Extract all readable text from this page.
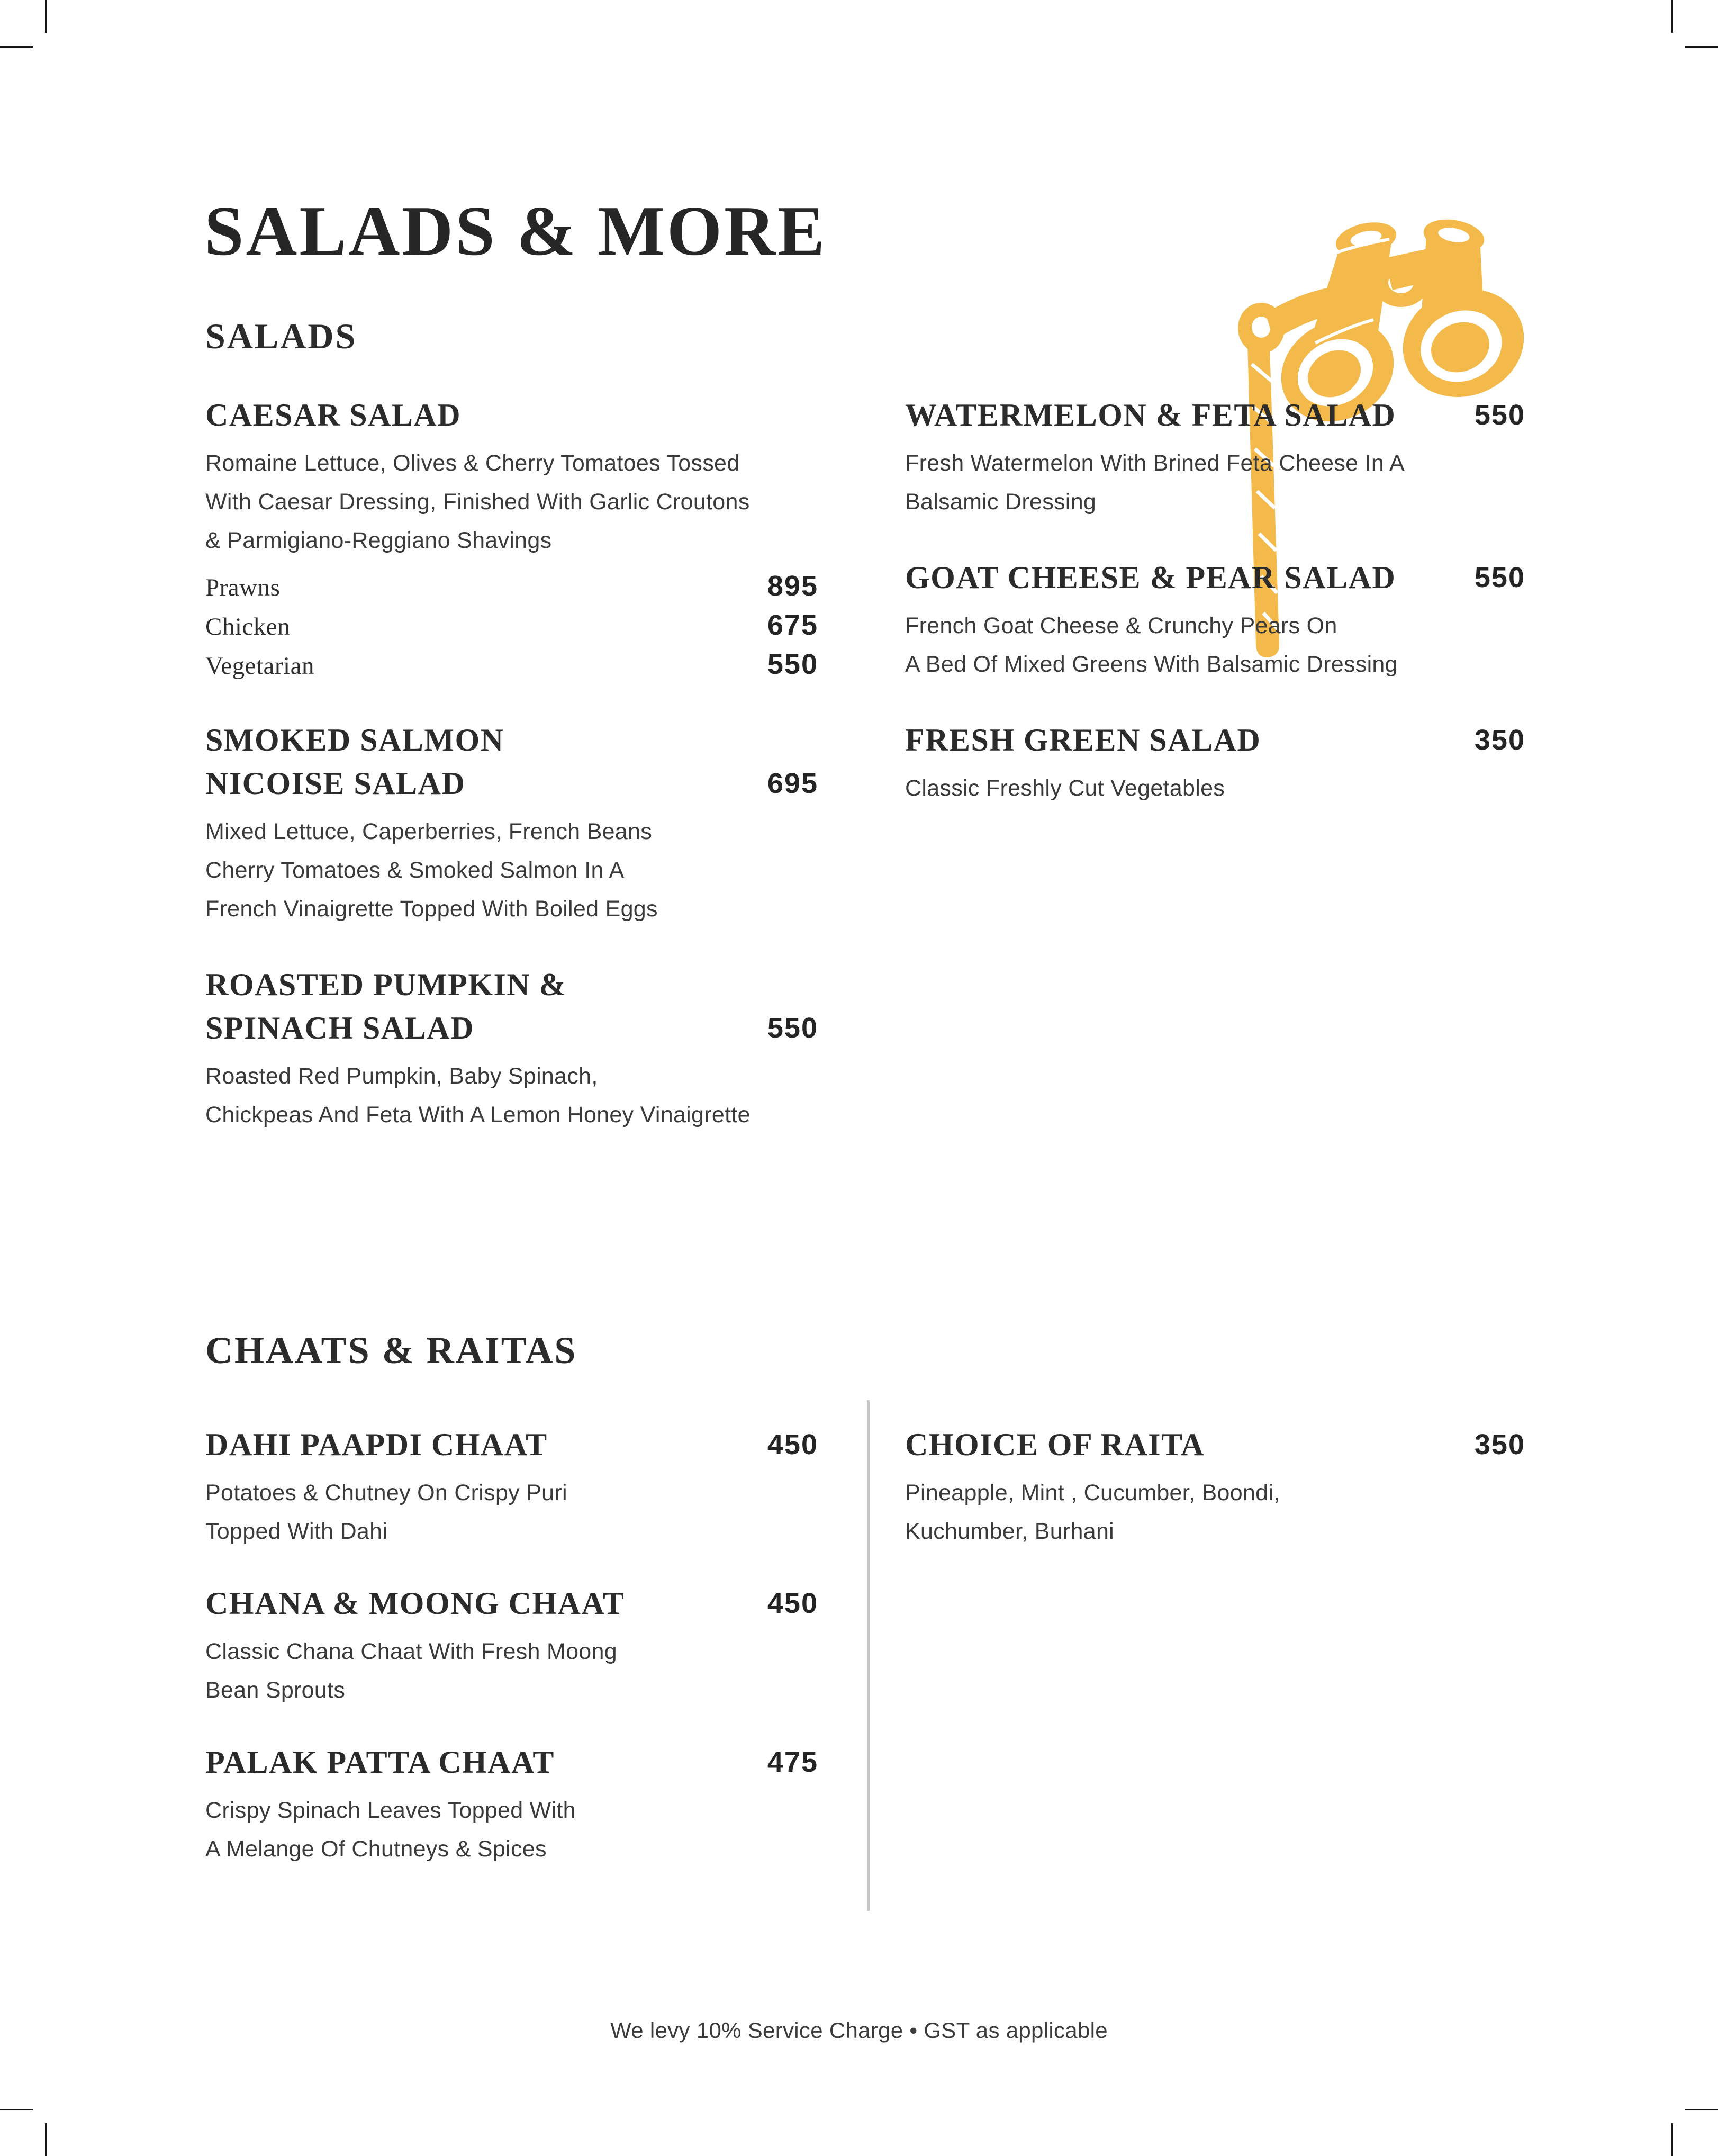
SALADS & MORE
SALADS
CHAATS & RAITAS
CAESAR SALAD
Romaine Lettuce, Olives & Cherry Tomatoes Tossed
With Caesar Dressing, Finished With Garlic Croutons
& Parmigiano-Reggiano Shavings
Prawns	895
Chicken	675
Vegetarian	550
SMOKED SALMON
NICOISE SALAD	695
Mixed Lettuce, Caperberries, French Beans
Cherry Tomatoes & Smoked Salmon In A
French Vinaigrette Topped With Boiled Eggs
ROASTED PUMPKIN &
SPINACH SALAD	550
Roasted Red Pumpkin, Baby Spinach,
Chickpeas And Feta With A Lemon Honey Vinaigrette
WATERMELON & FETA SALAD	550
Fresh Watermelon With Brined Feta Cheese In A
Balsamic Dressing
GOAT CHEESE & PEAR SALAD	550
French Goat Cheese & Crunchy Pears On
A Bed Of Mixed Greens With Balsamic Dressing
FRESH GREEN SALAD	350
Classic Freshly Cut Vegetables
DAHI PAAPDI CHAAT	450
Potatoes & Chutney On Crispy Puri
Topped With Dahi
CHANA & MOONG CHAAT	450
Classic Chana Chaat With Fresh Moong
Bean Sprouts
PALAK PATTA CHAAT	475
Crispy Spinach Leaves Topped With
A Melange Of Chutneys & Spices
CHOICE OF RAITA	350
Pineapple, Mint , Cucumber, Boondi,
Kuchumber, Burhani
We levy 10% Service Charge • GST as applicable
